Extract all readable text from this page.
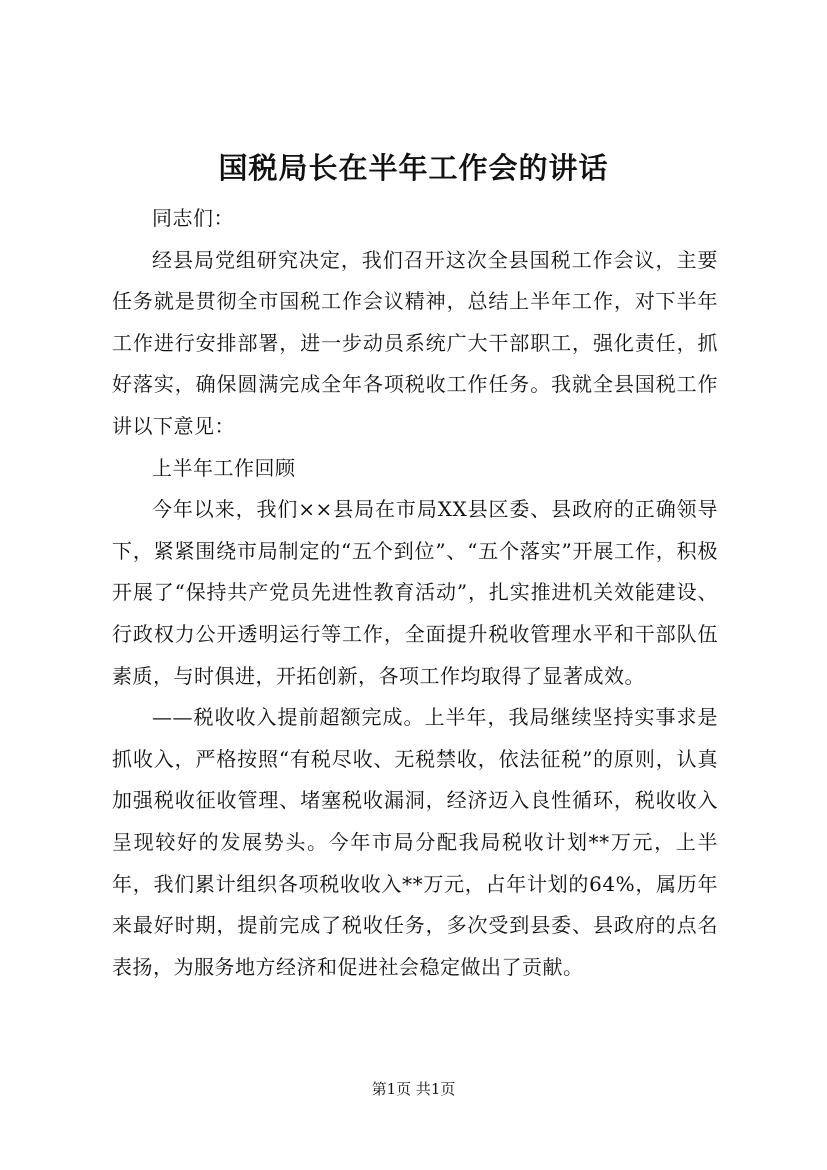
国税局长在半年工作会的讲话

同志们：

经县局党组研究决定，我们召开这次全县国税工作会议，主要任务就是贯彻全市国税工作会议精神，总结上半年工作，对下半年工作进行安排部署，进一步动员系统广大干部职工，强化责任，抓好落实，确保圆满完成全年各项税收工作任务。我就全县国税工作讲以下意见：

上半年工作回顾

今年以来，我们××县局在市局XX县区委、县政府的正确领导下，紧紧围绕市局制定的“五个到位”、“五个落实”开展工作，积极开展了“保持共产党员先进性教育活动”，扎实推进机关效能建设、行政权力公开透明运行等工作，全面提升税收管理水平和干部队伍素质，与时俱进，开拓创新，各项工作均取得了显著成效。

——税收收入提前超额完成。上半年，我局继续坚持实事求是抓收入，严格按照“有税尽收、无税禁收，依法征税”的原则，认真加强税收征收管理、堵塞税收漏洞，经济迈入良性循环，税收收入呈现较好的发展势头。今年市局分配我局税收计划**万元，上半年，我们累计组织各项税收收入**万元，占年计划的64%，属历年来最好时期，提前完成了税收任务，多次受到县委、县政府的点名表扬，为服务地方经济和促进社会稳定做出了贡献。

第1页 共1页
